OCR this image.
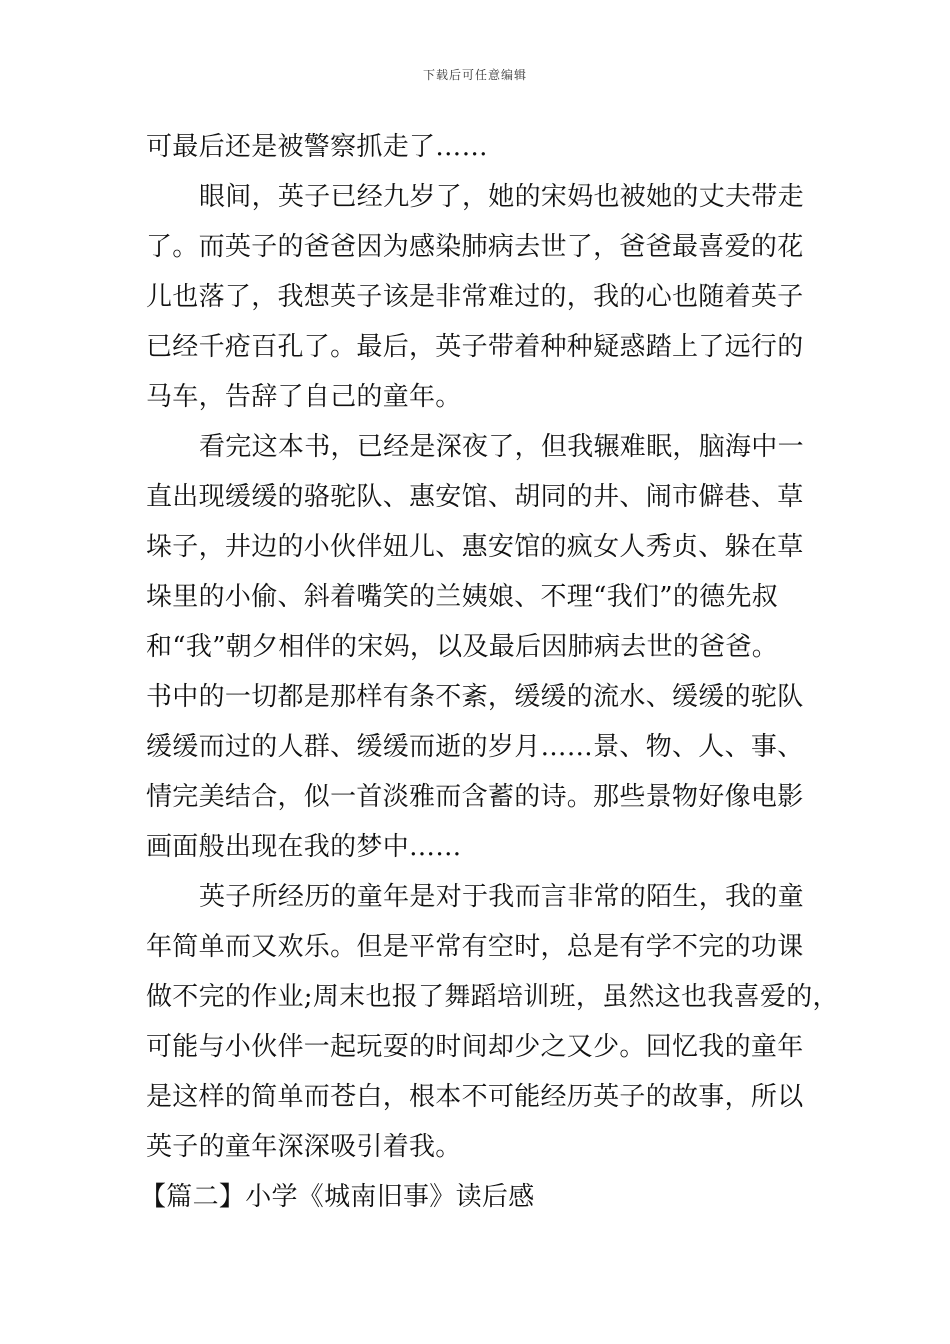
下载后可任意编辑
可最后还是被警察抓走了……
眼间，英子已经九岁了，她的宋妈也被她的丈夫带走
了。而英子的爸爸因为感染肺病去世了，爸爸最喜爱的花
儿也落了，我想英子该是非常难过的，我的心也随着英子
已经千疮百孔了。最后，英子带着种种疑惑踏上了远行的
马车，告辞了自己的童年。
看完这本书，已经是深夜了，但我辗难眠，脑海中一
直出现缓缓的骆驼队、惠安馆、胡同的井、闹市僻巷、草
垛子，井边的小伙伴妞儿、惠安馆的疯女人秀贞、躲在草
垛里的小偷、斜着嘴笑的兰姨娘、不理“我们”的德先叔
和“我”朝夕相伴的宋妈，以及最后因肺病去世的爸爸。
书中的一切都是那样有条不紊，缓缓的流水、缓缓的驼队
缓缓而过的人群、缓缓而逝的岁月……景、物、人、事、
情完美结合，似一首淡雅而含蓄的诗。那些景物好像电影
画面般出现在我的梦中……
英子所经历的童年是对于我而言非常的陌生，我的童
年简单而又欢乐。但是平常有空时，总是有学不完的功课
做不完的作业;周末也报了舞蹈培训班，虽然这也我喜爱的，
可能与小伙伴一起玩耍的时间却少之又少。回忆我的童年
是这样的简单而苍白，根本不可能经历英子的故事，所以
英子的童年深深吸引着我。
【篇二】小学《城南旧事》读后感
